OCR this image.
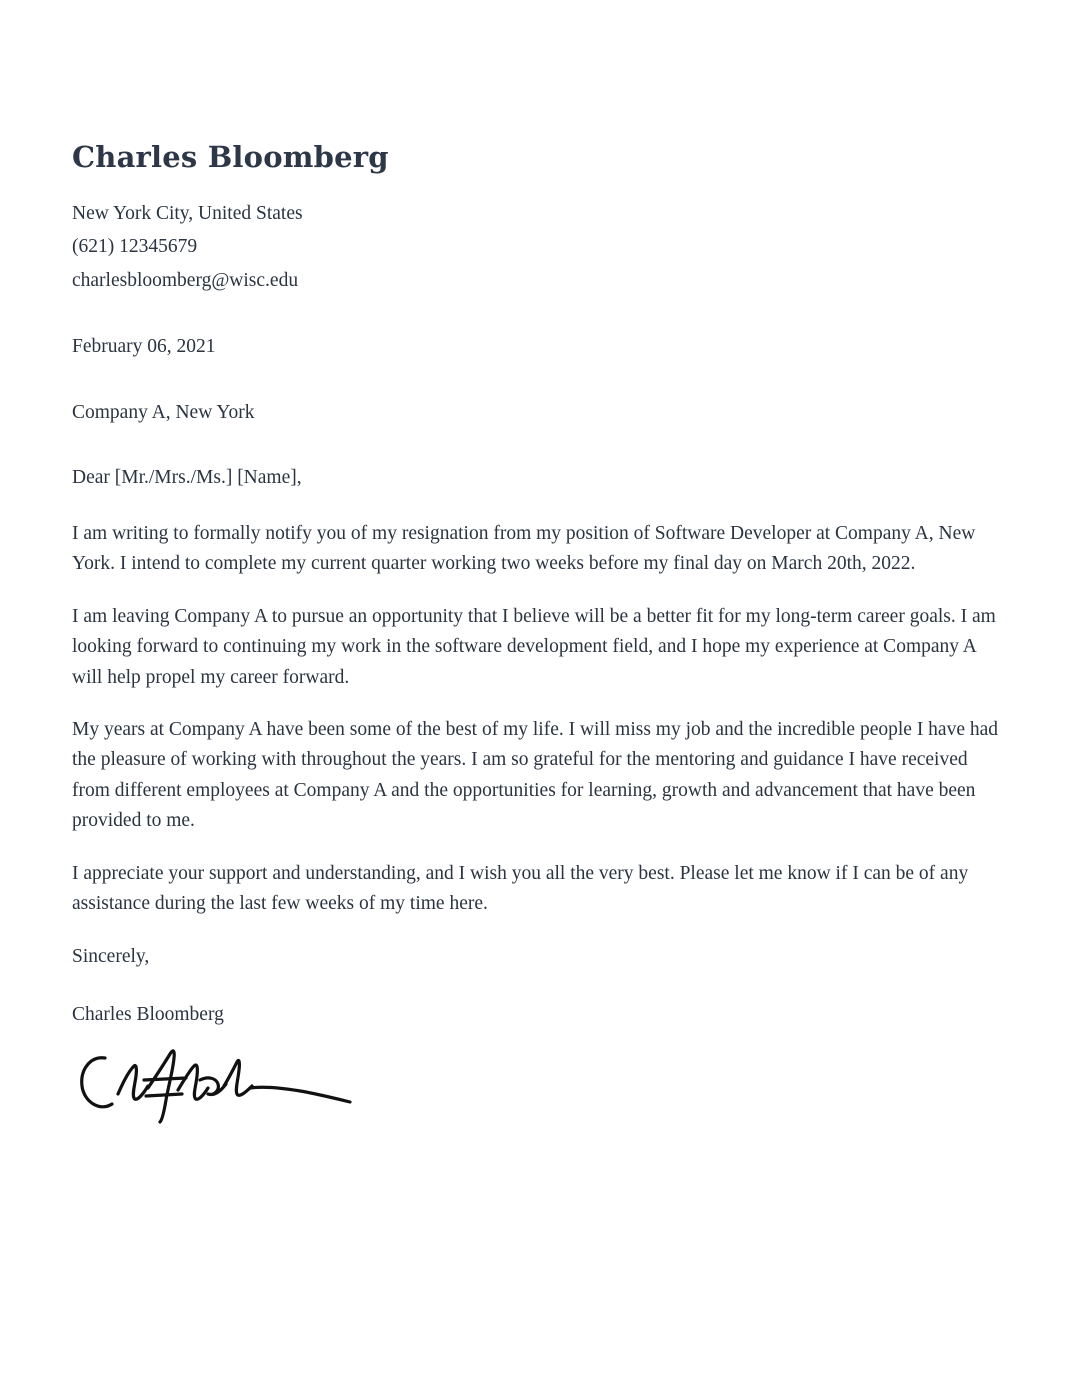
Charles Bloomberg

New York City, United States

(621) 12345679

charlesbloomberg@wisc.edu

February 06, 2021

Company A, New York

Dear [Mr./Mrs./Ms.] [Name],

I am writing to formally notify you of my resignation from my position of Software Developer at Company A, New York. I intend to complete my current quarter working two weeks before my final day on March 20th, 2022.

I am leaving Company A to pursue an opportunity that I believe will be a better fit for my long-term career goals. I am looking forward to continuing my work in the software development field, and I hope my experience at Company A will help propel my career forward.

My years at Company A have been some of the best of my life. I will miss my job and the incredible people I have had the pleasure of working with throughout the years. I am so grateful for the mentoring and guidance I have received from different employees at Company A and the opportunities for learning, growth and advancement that have been provided to me.

I appreciate your support and understanding, and I wish you all the very best. Please let me know if I can be of any assistance during the last few weeks of my time here.

Sincerely,

Charles Bloomberg
